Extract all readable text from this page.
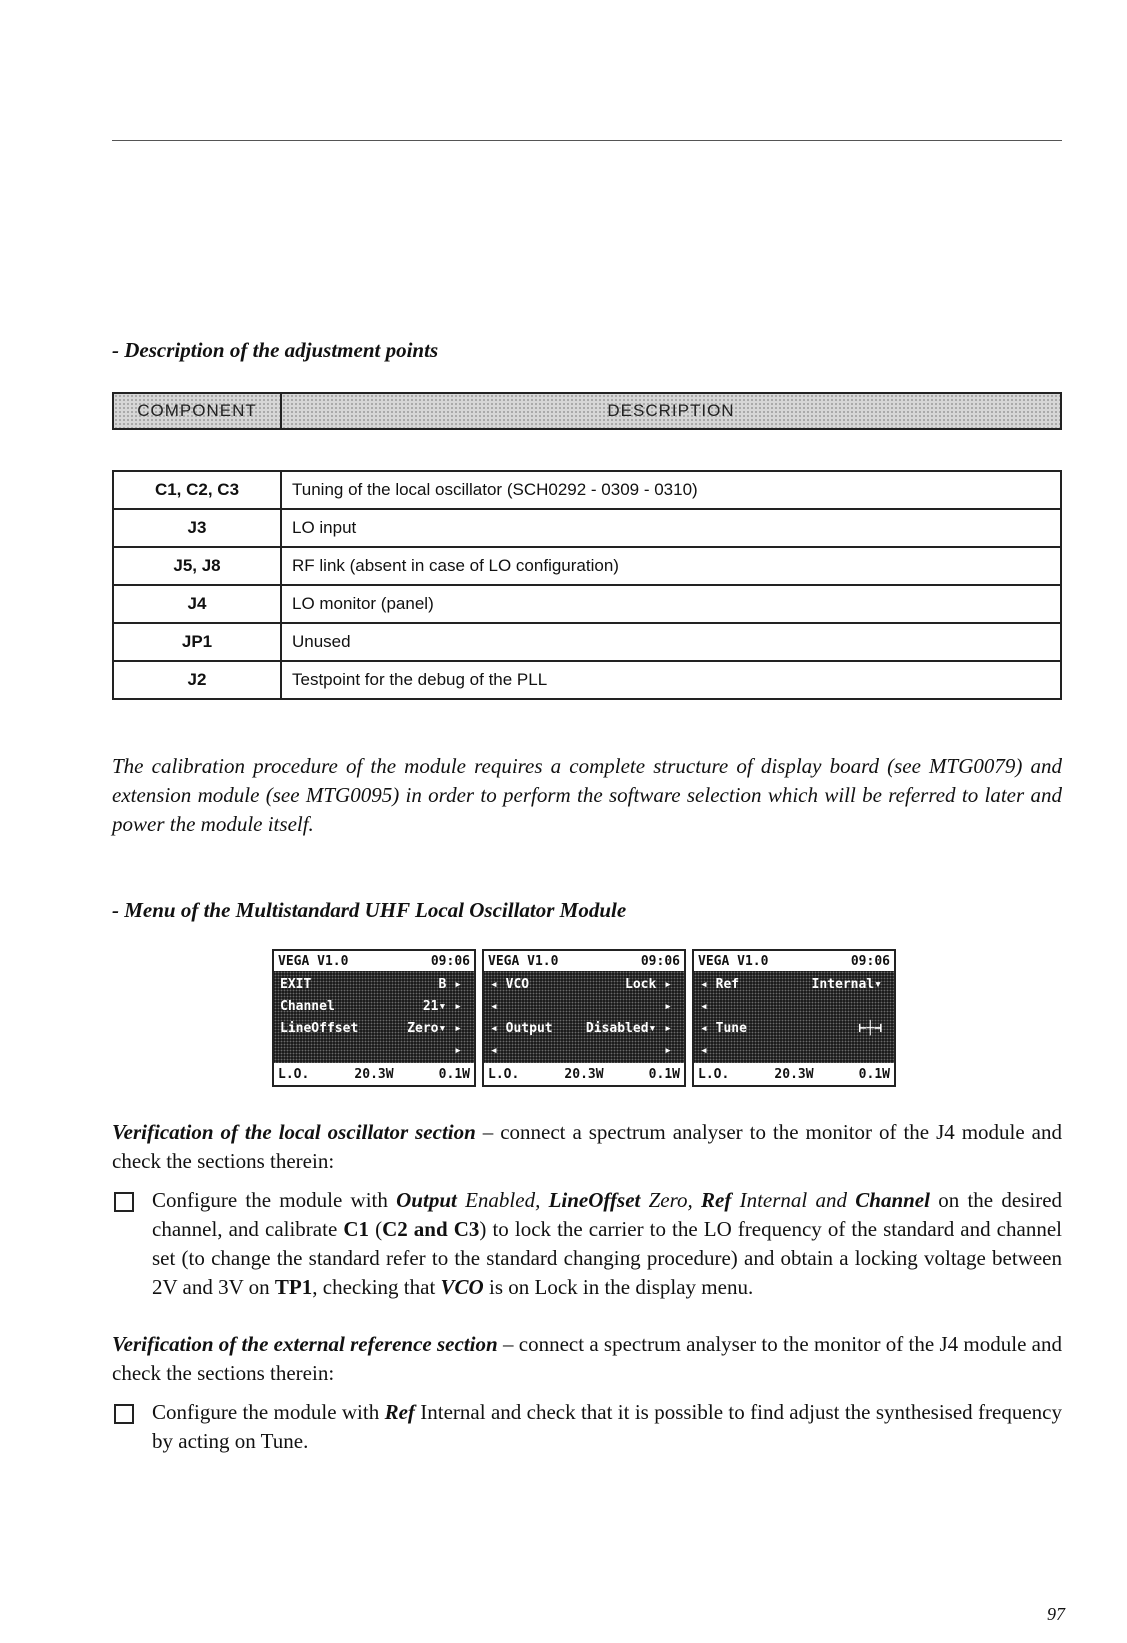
- Description of the adjustment points
COMPONENT	DESCRIPTION
C1, C2, C3	Tuning of the local oscillator (SCH0292 - 0309 - 0310)
J3	LO input
J5, J8	RF link (absent in case of LO configuration)
J4	LO monitor (panel)
JP1	Unused
J2	Testpoint for the debug of the PLL
The calibration procedure of the module requires a complete structure of display board (see MTG0079) and extension module (see MTG0095) in order to perform the software selection which will be referred to later and power the module itself.
- Menu of the Multistandard UHF Local Oscillator Module
VEGA V1.0	09:06
EXIT	B ▸
Channel	21▾ ▸
LineOffset	Zero▾ ▸
▸
L.O.	20.3W	0.1W
VEGA V1.0	09:06
◂ VCO	Lock ▸
◂	▸
◂ Output	Disabled▾ ▸
◂	▸
L.O.	20.3W	0.1W
VEGA V1.0	09:06
◂ Ref	Internal▾
◂
◂ Tune	⊢┼⊣
◂
L.O.	20.3W	0.1W
Verification of the local oscillator section – connect a spectrum analyser to the monitor of the J4 module and check the sections therein:
Configure the module with Output Enabled, LineOffset Zero, Ref Internal and Channel on the desired channel, and calibrate C1 (C2 and C3) to lock the carrier to the LO frequency of the standard and channel set (to change the standard refer to the standard changing procedure) and obtain a locking voltage between 2V and 3V on TP1, checking that VCO is on Lock in the display menu.
Verification of the external reference section – connect a spectrum analyser to the monitor of the J4 module and check the sections therein:
Configure the module with Ref Internal and check that it is possible to find adjust the synthesised frequency by acting on Tune.
97
